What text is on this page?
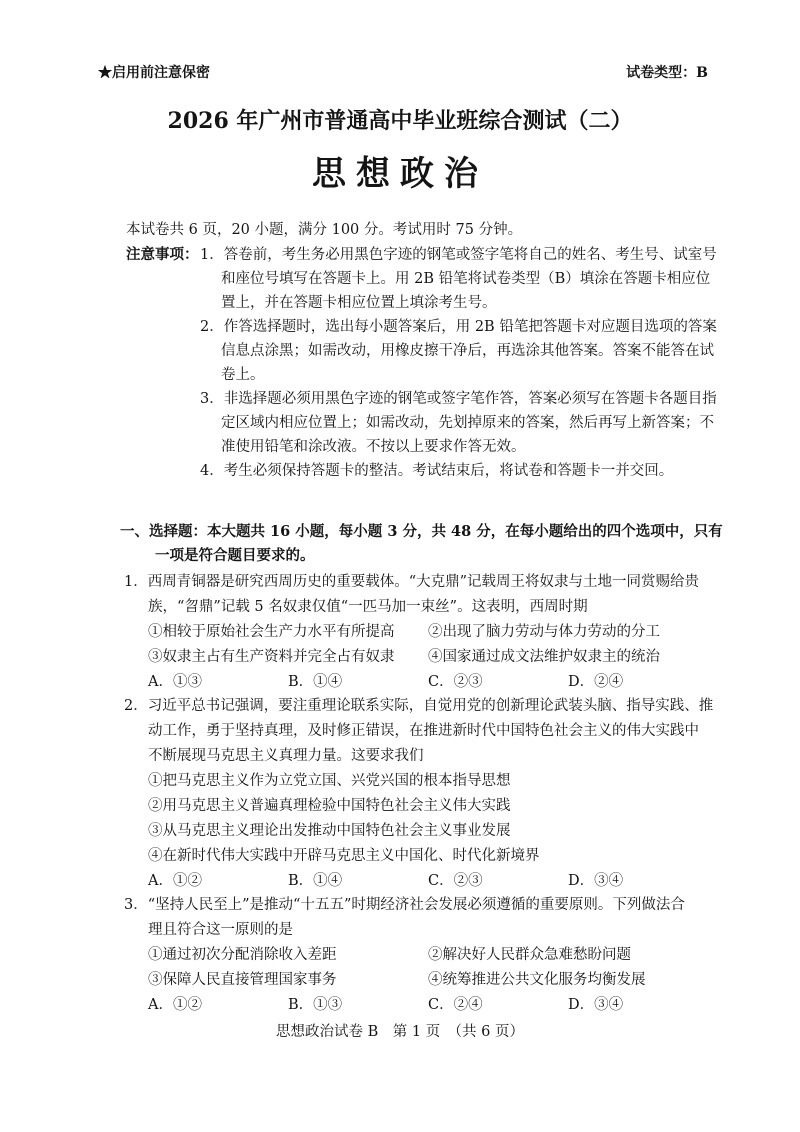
★启用前注意保密	试卷类型：B
2026 年广州市普通高中毕业班综合测试（二）
思想政治
本试卷共 6 页，20 小题，满分 100 分。考试用时 75 分钟。
注意事项： 1．答卷前，考生务必用黑色字迹的钢笔或签字笔将自己的姓名、考生号、试室号
和座位号填写在答题卡上。用 2B 铅笔将试卷类型（B）填涂在答题卡相应位
置上，并在答题卡相应位置上填涂考生号。
2．作答选择题时，选出每小题答案后，用 2B 铅笔把答题卡对应题目选项的答案
信息点涂黑；如需改动，用橡皮擦干净后，再选涂其他答案。答案不能答在试
卷上。
3．非选择题必须用黑色字迹的钢笔或签字笔作答，答案必须写在答题卡各题目指
定区域内相应位置上；如需改动，先划掉原来的答案，然后再写上新答案；不
准使用铅笔和涂改液。不按以上要求作答无效。
4．考生必须保持答题卡的整洁。考试结束后，将试卷和答题卡一并交回。
一、选择题：本大题共 16 小题，每小题 3 分，共 48 分，在每小题给出的四个选项中，只有
一项是符合题目要求的。
1．西周青铜器是研究西周历史的重要载体。“大克鼎”记载周王将奴隶与土地一同赏赐给贵
族，“曶鼎”记载 5 名奴隶仅值“一匹马加一束丝”。这表明，西周时期
①相较于原始社会生产力水平有所提高 ②出现了脑力劳动与体力劳动的分工
③奴隶主占有生产资料并完全占有奴隶 ④国家通过成文法维护奴隶主的统治
A．①③	B．①④	C．②③	D．②④
2．习近平总书记强调，要注重理论联系实际，自觉用党的创新理论武装头脑、指导实践、推
动工作，勇于坚持真理，及时修正错误，在推进新时代中国特色社会主义的伟大实践中
不断展现马克思主义真理力量。这要求我们
①把马克思主义作为立党立国、兴党兴国的根本指导思想
②用马克思主义普遍真理检验中国特色社会主义伟大实践
③从马克思主义理论出发推动中国特色社会主义事业发展
④在新时代伟大实践中开辟马克思主义中国化、时代化新境界
A．①②	B．①④	C．②③	D．③④
3．“坚持人民至上”是推动“十五五”时期经济社会发展必须遵循的重要原则。下列做法合
理且符合这一原则的是
①通过初次分配消除收入差距	②解决好人民群众急难愁盼问题
③保障人民直接管理国家事务	④统筹推进公共文化服务均衡发展
A．①②	B．①③	C．②④	D．③④
思想政治试卷 B　第 1 页　（共 6 页）
